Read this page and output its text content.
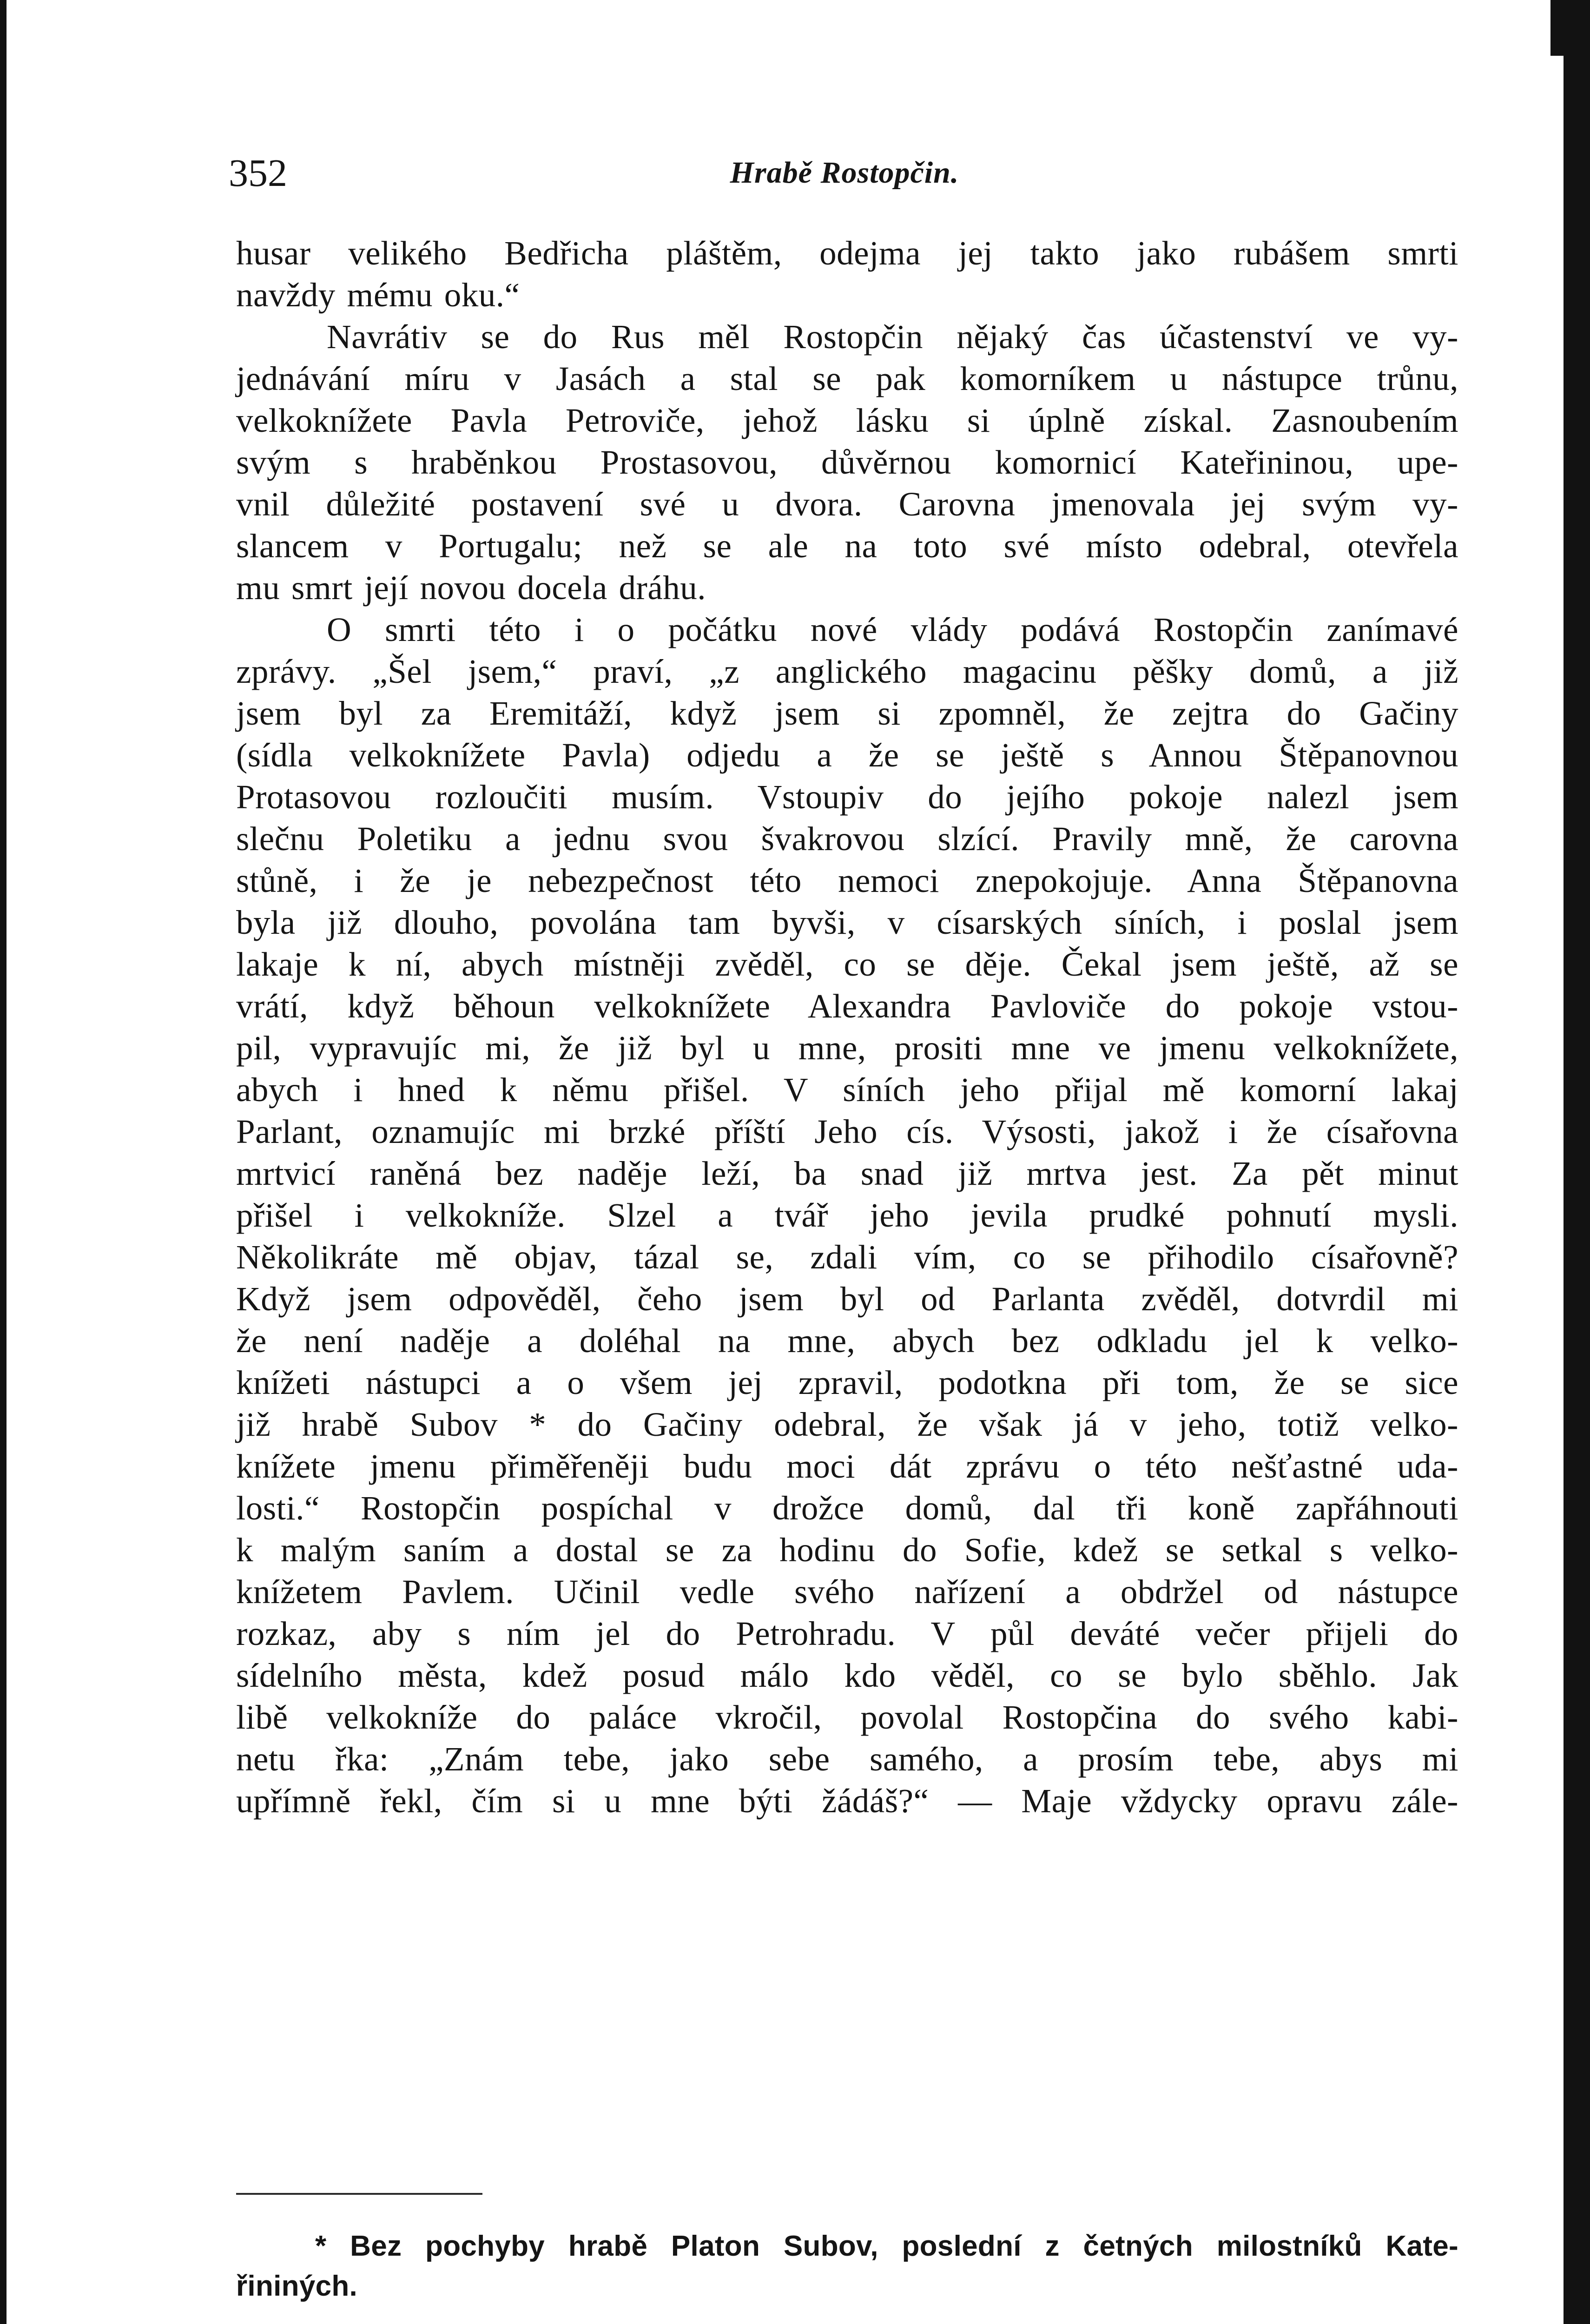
352	Hrabě Rostopčin.
husar velikého Bedřicha pláštěm, odejma jej takto jako rubášem smrti
navždy mému oku.“
Navrátiv se do Rus měl Rostopčin nějaký čas účastenství ve vy-
jednávání míru v Jasách a stal se pak komorníkem u nástupce trůnu,
velkoknížete Pavla Petroviče, jehož lásku si úplně získal. Zasnoubením
svým s hraběnkou Prostasovou, důvěrnou komornicí Kateřininou, upe-
vnil důležité postavení své u dvora. Carovna jmenovala jej svým vy-
slancem v Portugalu; než se ale na toto své místo odebral, otevřela
mu smrt její novou docela dráhu.
O smrti této i o počátku nové vlády podává Rostopčin zanímavé
zprávy. „Šel jsem,“ praví, „z anglického magacinu pěšky domů, a již
jsem byl za Eremitáží, když jsem si zpomněl, že zejtra do Gačiny
(sídla velkoknížete Pavla) odjedu a že se ještě s Annou Štěpanovnou
Protasovou rozloučiti musím. Vstoupiv do jejího pokoje nalezl jsem
slečnu Poletiku a jednu svou švakrovou slzící. Pravily mně, že carovna
stůně, i že je nebezpečnost této nemoci znepokojuje. Anna Štěpanovna
byla již dlouho, povolána tam byvši, v císarských síních, i poslal jsem
lakaje k ní, abych místněji zvěděl, co se děje. Čekal jsem ještě, až se
vrátí, když běhoun velkoknížete Alexandra Pavloviče do pokoje vstou-
pil, vypravujíc mi, že již byl u mne, prositi mne ve jmenu velkoknížete,
abych i hned k němu přišel. V síních jeho přijal mě komorní lakaj
Parlant, oznamujíc mi brzké příští Jeho cís. Výsosti, jakož i že císařovna
mrtvicí raněná bez naděje leží, ba snad již mrtva jest. Za pět minut
přišel i velkokníže. Slzel a tvář jeho jevila prudké pohnutí mysli.
Několikráte mě objav, tázal se, zdali vím, co se přihodilo císařovně?
Když jsem odpověděl, čeho jsem byl od Parlanta zvěděl, dotvrdil mi
že není naděje a doléhal na mne, abych bez odkladu jel k velko-
knížeti nástupci a o všem jej zpravil, podotkna při tom, že se sice
již hrabě Subov * do Gačiny odebral, že však já v jeho, totiž velko-
knížete jmenu přiměřeněji budu moci dát zprávu o této nešťastné uda-
losti.“ Rostopčin pospíchal v drožce domů, dal tři koně zapřáhnouti
k malým saním a dostal se za hodinu do Sofie, kdež se setkal s velko-
knížetem Pavlem. Učinil vedle svého nařízení a obdržel od nástupce
rozkaz, aby s ním jel do Petrohradu. V půl deváté večer přijeli do
sídelního města, kdež posud málo kdo věděl, co se bylo sběhlo. Jak
libě velkokníže do paláce vkročil, povolal Rostopčina do svého kabi-
netu řka: „Znám tebe, jako sebe samého, a prosím tebe, abys mi
upřímně řekl, čím si u mne býti žádáš?“ — Maje vždycky opravu zále-
* Bez pochyby hrabě Platon Subov, poslední z četných milostníků Kate-
řininých.
